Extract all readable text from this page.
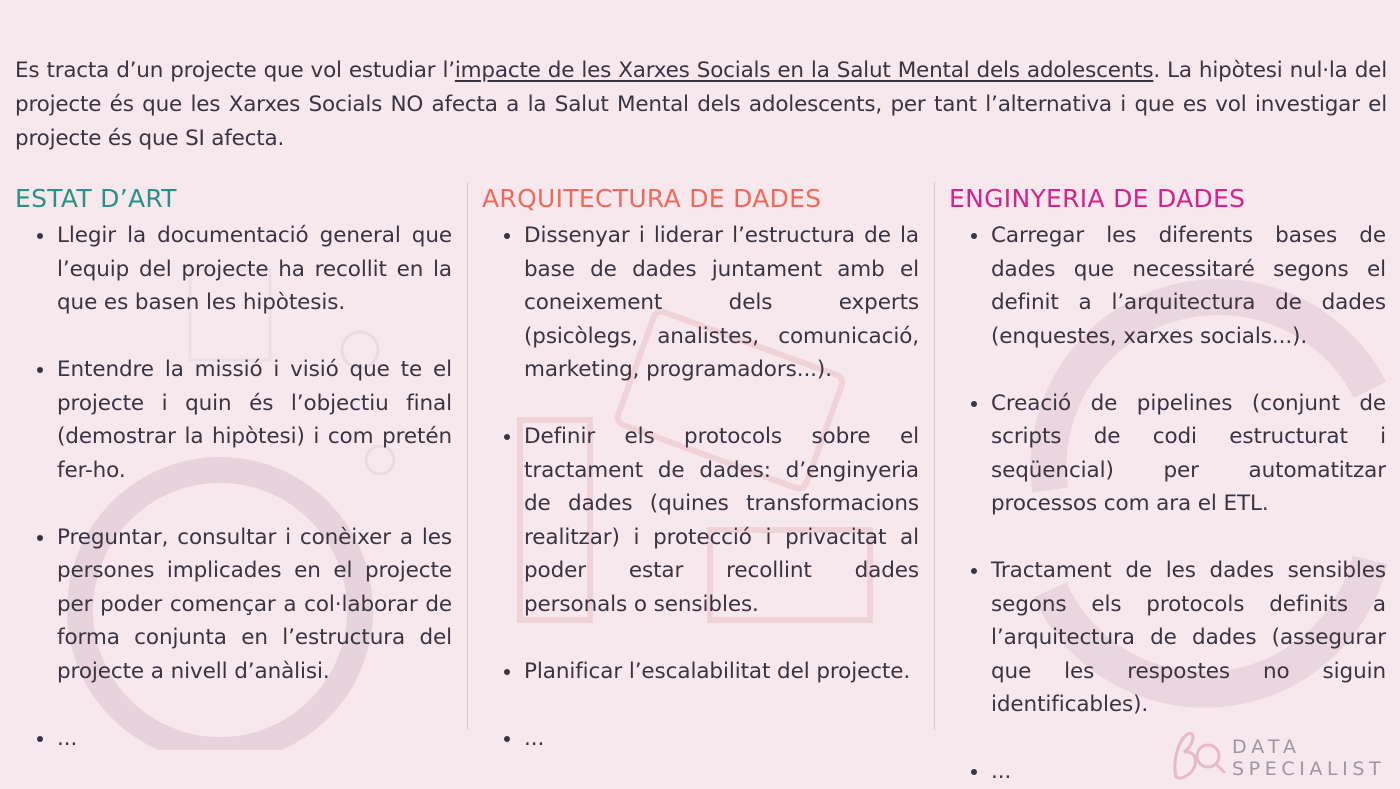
Es tracta d’un projecte que vol estudiar l’impacte de les Xarxes Socials en la Salut Mental dels adolescents. La hipòtesi nul·la del projecte és que les Xarxes Socials NO afecta a la Salut Mental dels adolescents, per tant l’alternativa i que es vol investigar el projecte és que SI afecta.

ESTAT D’ART
Llegir la documentació general que l’equip del projecte ha recollit en la que es basen les hipòtesis.
Entendre la missió i visió que te el projecte i quin és l’objectiu final (demostrar la hipòtesi) i com pretén fer-ho.
Preguntar, consultar i conèixer a les persones implicades en el projecte per poder començar a col·laborar de forma conjunta en l’estructura del projecte a nivell d’anàlisi.
...
ARQUITECTURA DE DADES
Dissenyar i liderar l’estructura de la base de dades juntament amb el coneixement dels experts (psicòlegs, analistes, comunicació, marketing, programadors...).
Definir els protocols sobre el tractament de dades: d’enginyeria de dades (quines transformacions realitzar) i protecció i privacitat al poder estar recollint dades personals o sensibles.
Planificar l’escalabilitat del projecte.
...
ENGINYERIA DE DADES
Carregar les diferents bases de dades que necessitaré segons el definit a l’arquitectura de dades (enquestes, xarxes socials...).
Creació de pipelines (conjunt de scripts de codi estructurat i seqüencial) per automatitzar processos com ara el ETL.
Tractament de les dades sensibles segons els protocols definits a l’arquitectura de dades (assegurar que les respostes no siguin identificables).
...
DATA
SPECIALIST
